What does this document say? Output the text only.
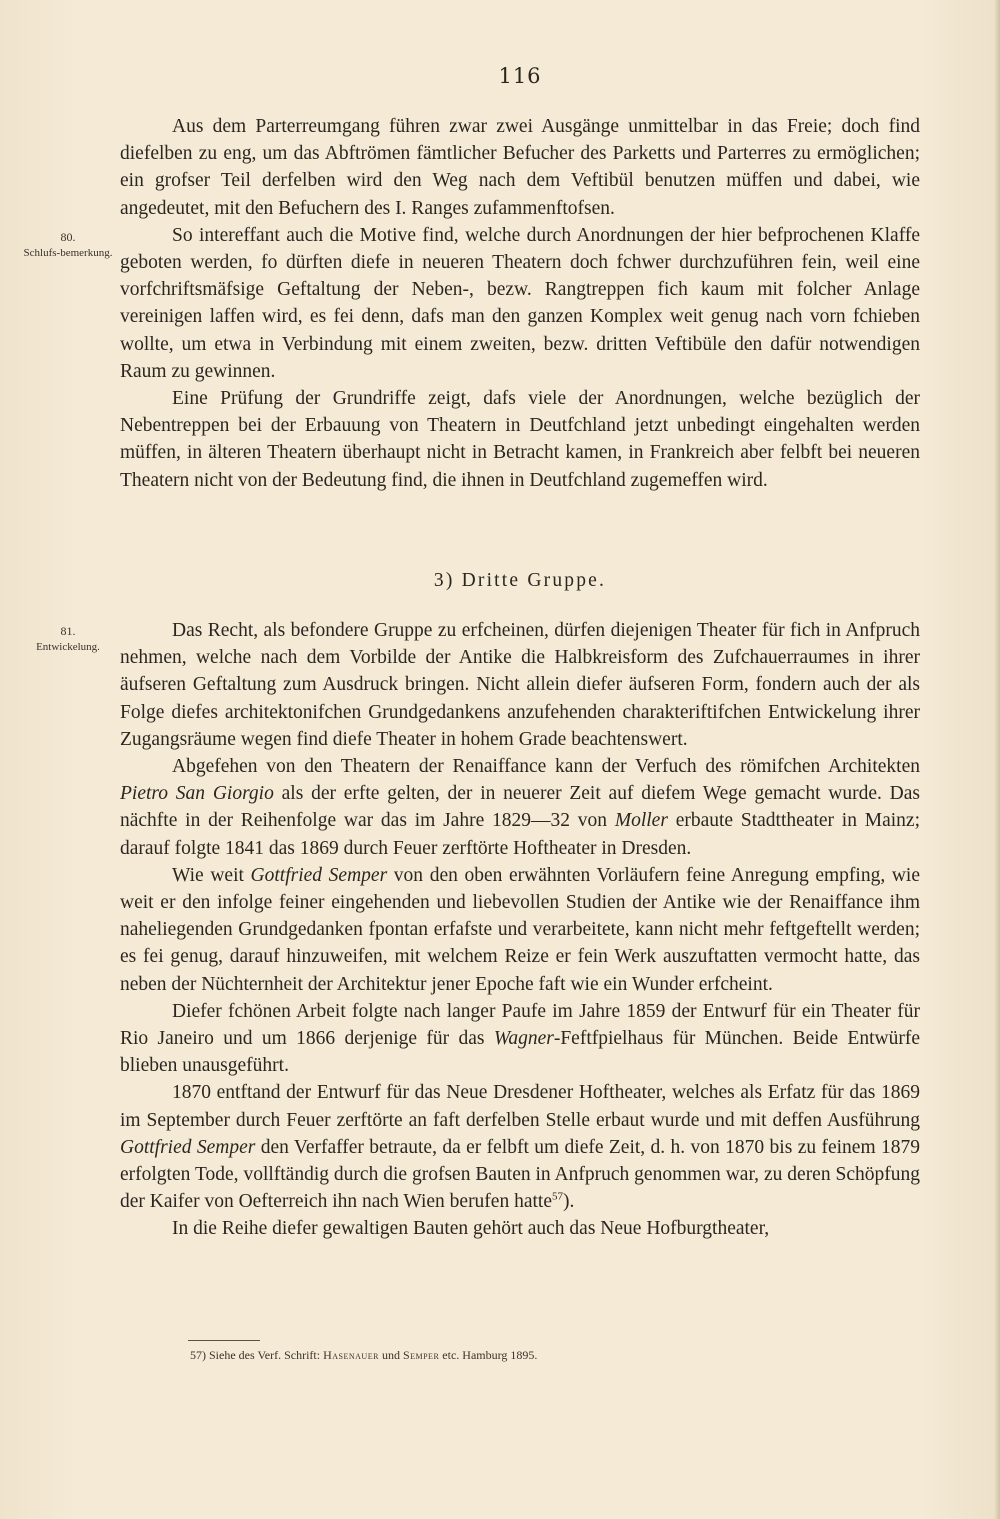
116
80.
Schlufs-bemerkung.
81.
Entwickelung.

Aus dem Parterreumgang führen zwar zwei Ausgänge unmittelbar in das Freie; doch find diefelben zu eng, um das Abftrömen fämtlicher Befucher des Parketts und Parterres zu ermöglichen; ein grofser Teil derfelben wird den Weg nach dem Veftibül benutzen müffen und dabei, wie angedeutet, mit den Befuchern des I. Ranges zufammenftofsen.

So intereffant auch die Motive find, welche durch Anordnungen der hier befprochenen Klaffe geboten werden, fo dürften diefe in neueren Theatern doch fchwer durchzuführen fein, weil eine vorfchriftsmäfsige Geftaltung der Neben-, bezw. Rangtreppen fich kaum mit folcher Anlage vereinigen laffen wird, es fei denn, dafs man den ganzen Komplex weit genug nach vorn fchieben wollte, um etwa in Verbindung mit einem zweiten, bezw. dritten Veftibüle den dafür notwendigen Raum zu gewinnen.

Eine Prüfung der Grundriffe zeigt, dafs viele der Anordnungen, welche bezüglich der Nebentreppen bei der Erbauung von Theatern in Deutfchland jetzt unbedingt eingehalten werden müffen, in älteren Theatern überhaupt nicht in Betracht kamen, in Frankreich aber felbft bei neueren Theatern nicht von der Bedeutung find, die ihnen in Deutfchland zugemeffen wird.

3) Dritte Gruppe.

Das Recht, als befondere Gruppe zu erfcheinen, dürfen diejenigen Theater für fich in Anfpruch nehmen, welche nach dem Vorbilde der Antike die Halbkreisform des Zufchauerraumes in ihrer äufseren Geftaltung zum Ausdruck bringen. Nicht allein diefer äufseren Form, fondern auch der als Folge diefes architektonifchen Grundgedankens anzufehenden charakteriftifchen Entwickelung ihrer Zugangsräume wegen find diefe Theater in hohem Grade beachtenswert.

Abgefehen von den Theatern der Renaiffance kann der Verfuch des römifchen Architekten Pietro San Giorgio als der erfte gelten, der in neuerer Zeit auf diefem Wege gemacht wurde. Das nächfte in der Reihenfolge war das im Jahre 1829—32 von Moller erbaute Stadttheater in Mainz; darauf folgte 1841 das 1869 durch Feuer zerftörte Hoftheater in Dresden.

Wie weit Gottfried Semper von den oben erwähnten Vorläufern feine Anregung empfing, wie weit er den infolge feiner eingehenden und liebevollen Studien der Antike wie der Renaiffance ihm naheliegenden Grundgedanken fpontan erfafste und verarbeitete, kann nicht mehr feftgeftellt werden; es fei genug, darauf hinzuweifen, mit welchem Reize er fein Werk auszuftatten vermocht hatte, das neben der Nüchternheit der Architektur jener Epoche faft wie ein Wunder erfcheint.

Diefer fchönen Arbeit folgte nach langer Paufe im Jahre 1859 der Entwurf für ein Theater für Rio Janeiro und um 1866 derjenige für das Wagner-Feftfpielhaus für München. Beide Entwürfe blieben unausgeführt.

1870 entftand der Entwurf für das Neue Dresdener Hoftheater, welches als Erfatz für das 1869 im September durch Feuer zerftörte an faft derfelben Stelle erbaut wurde und mit deffen Ausführung Gottfried Semper den Verfaffer betraute, da er felbft um diefe Zeit, d. h. von 1870 bis zu feinem 1879 erfolgten Tode, vollftändig durch die grofsen Bauten in Anfpruch genommen war, zu deren Schöpfung der Kaifer von Oefterreich ihn nach Wien berufen hatte$^{57}$).

In die Reihe diefer gewaltigen Bauten gehört auch das Neue Hofburgtheater,

57) Siehe des Verf. Schrift: Hasenauer und Semper etc. Hamburg 1895.
